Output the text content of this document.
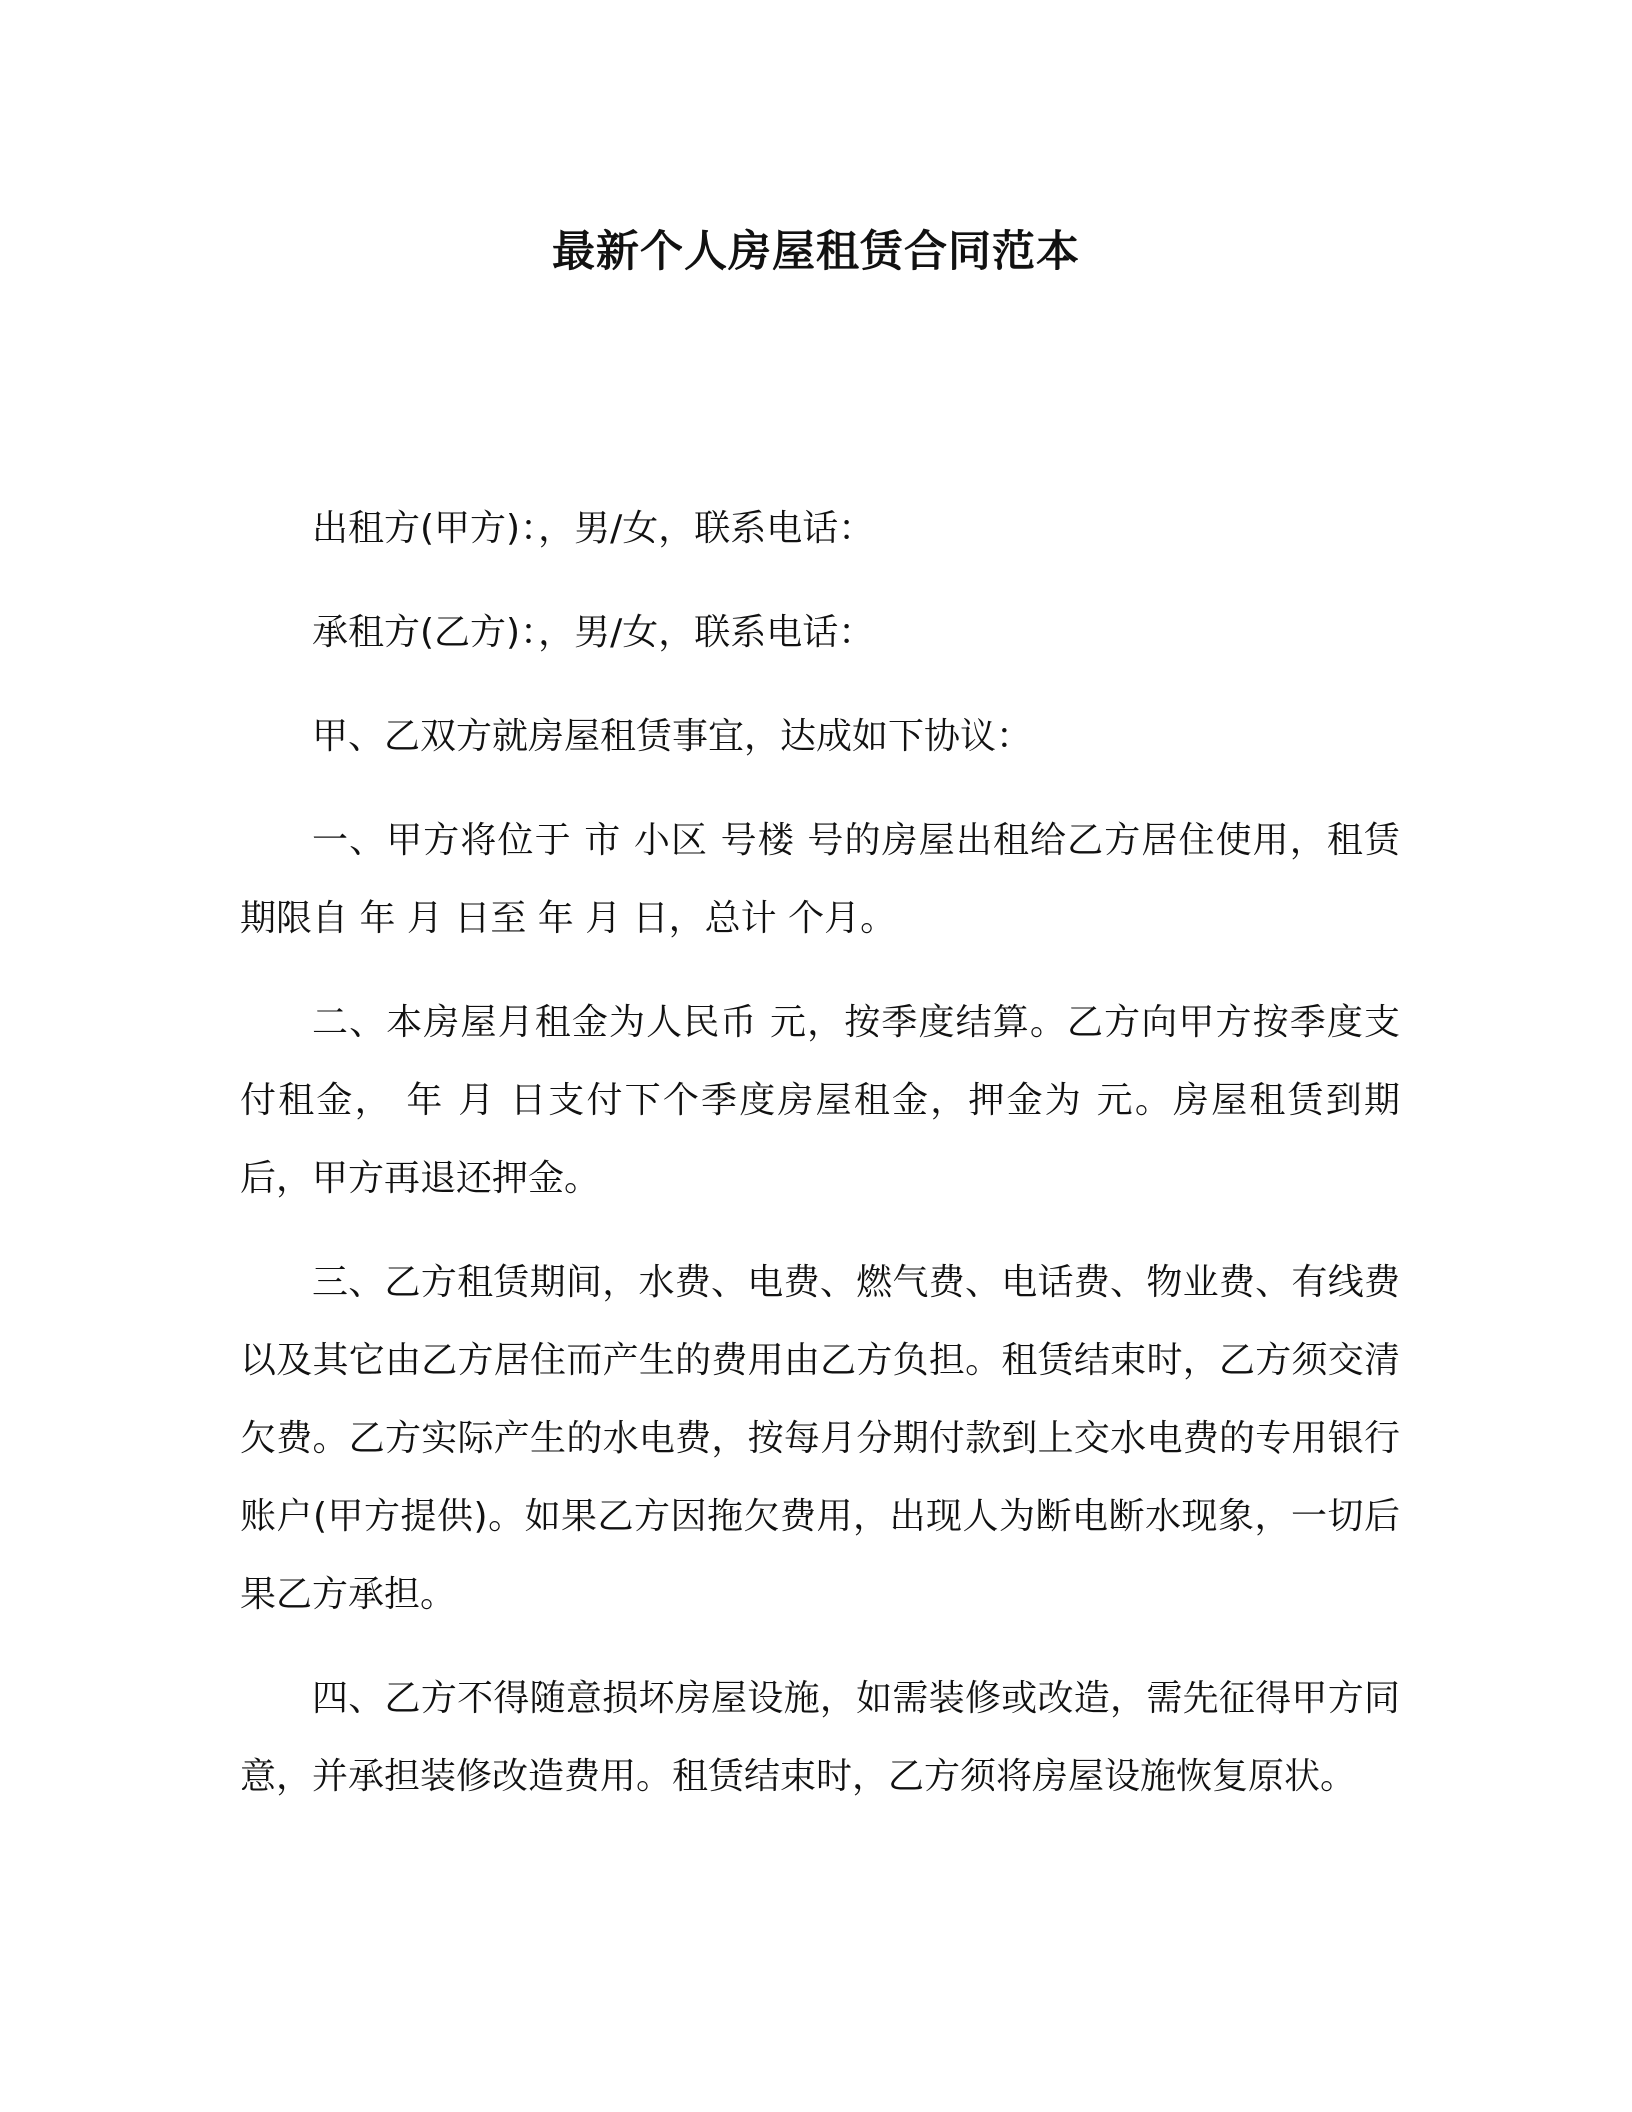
最新个人房屋租赁合同范本

出租方(甲方)：，男/女，联系电话：

承租方(乙方)：，男/女，联系电话：

甲、乙双方就房屋租赁事宜，达成如下协议：

一、甲方将位于 市 小区 号楼 号的房屋出租给乙方居住使用，租赁期限自 年 月 日至 年 月 日，总计 个月。

二、本房屋月租金为人民币 元，按季度结算。乙方向甲方按季度支付租金， 年 月 日支付下个季度房屋租金，押金为 元。房屋租赁到期后，甲方再退还押金。

三、乙方租赁期间，水费、电费、燃气费、电话费、物业费、有线费以及其它由乙方居住而产生的费用由乙方负担。租赁结束时，乙方须交清欠费。乙方实际产生的水电费，按每月分期付款到上交水电费的专用银行账户(甲方提供)。如果乙方因拖欠费用，出现人为断电断水现象，一切后果乙方承担。

四、乙方不得随意损坏房屋设施，如需装修或改造，需先征得甲方同意，并承担装修改造费用。租赁结束时，乙方须将房屋设施恢复原状。
